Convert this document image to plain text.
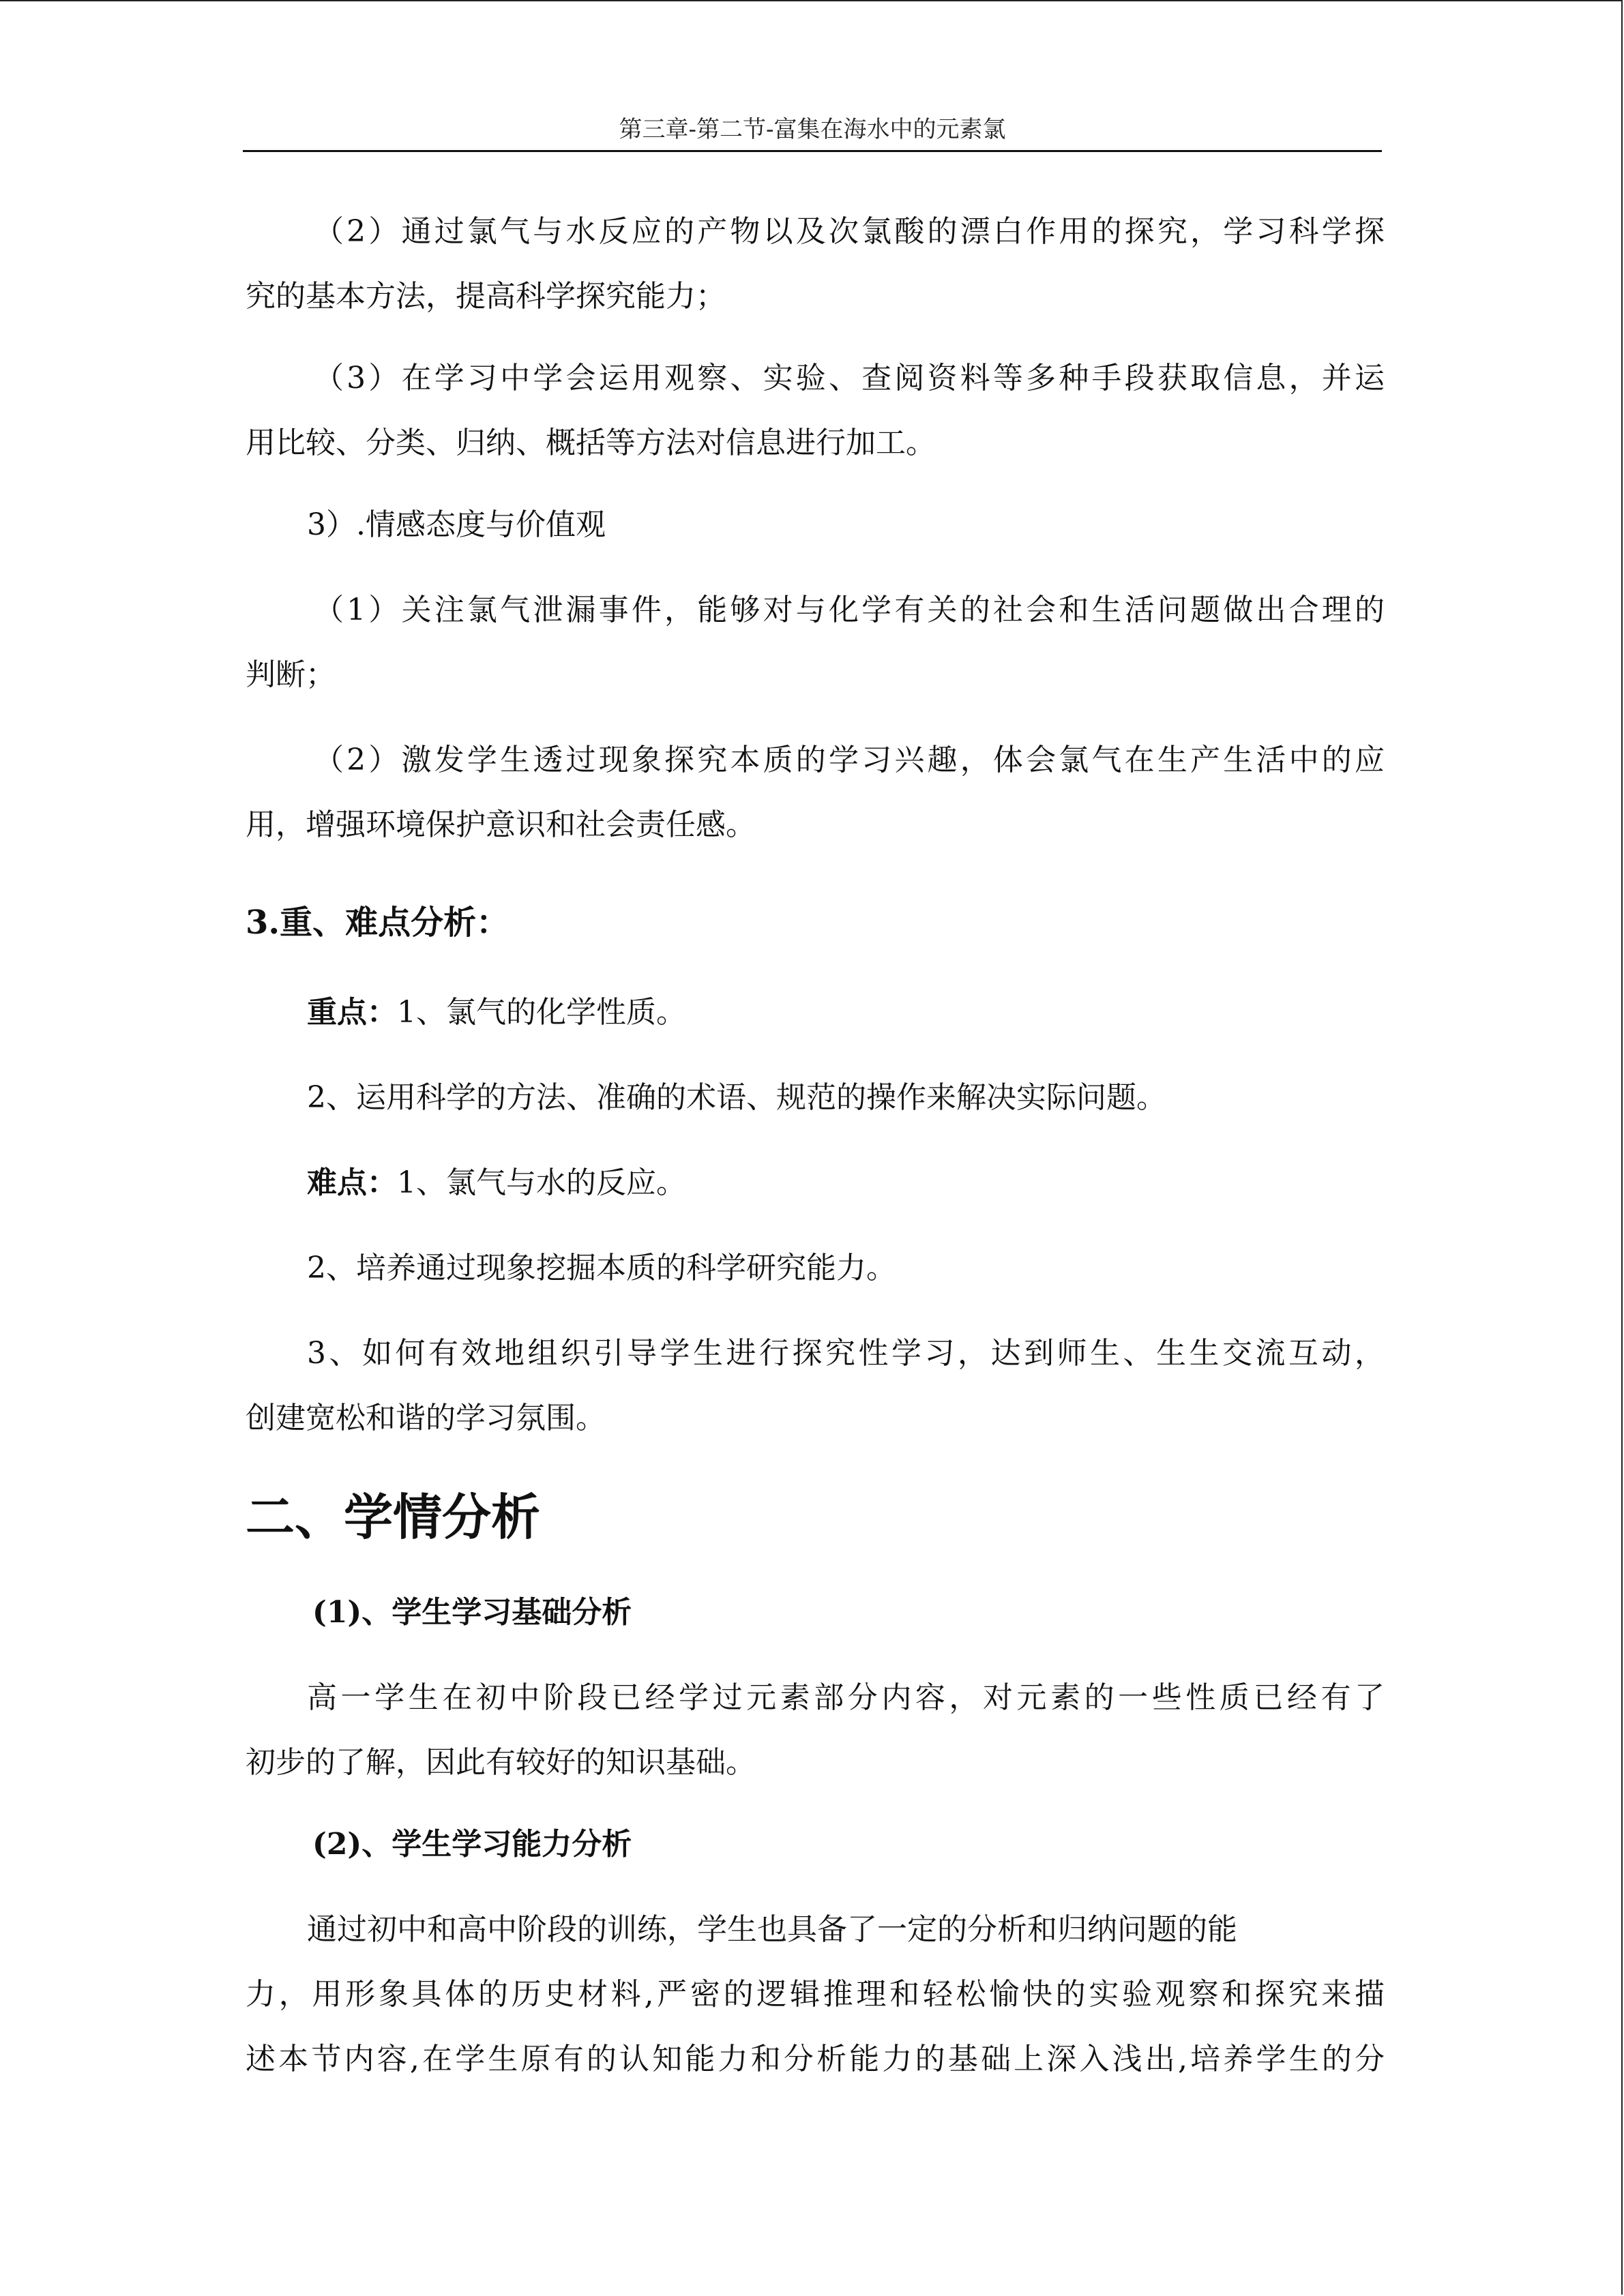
第三章-第二节-富集在海水中的元素氯
（2）通过氯气与水反应的产物以及次氯酸的漂白作用的探究，学习科学探
究的基本方法，提高科学探究能力；
（3）在学习中学会运用观察、实验、查阅资料等多种手段获取信息，并运
用比较、分类、归纳、概括等方法对信息进行加工。
3）.情感态度与价值观
（1）关注氯气泄漏事件，能够对与化学有关的社会和生活问题做出合理的
判断；
（2）激发学生透过现象探究本质的学习兴趣，体会氯气在生产生活中的应
用，增强环境保护意识和社会责任感。
3.重、难点分析：
重点：1、氯气的化学性质。
2、运用科学的方法、准确的术语、规范的操作来解决实际问题。
难点：1、氯气与水的反应。
2、培养通过现象挖掘本质的科学研究能力。
3、如何有效地组织引导学生进行探究性学习，达到师生、生生交流互动，
创建宽松和谐的学习氛围。
二、学情分析
(1)、学生学习基础分析
高一学生在初中阶段已经学过元素部分内容，对元素的一些性质已经有了
初步的了解，因此有较好的知识基础。
(2)、学生学习能力分析
通过初中和高中阶段的训练，学生也具备了一定的分析和归纳问题的能
力，用形象具体的历史材料,严密的逻辑推理和轻松愉快的实验观察和探究来描
述本节内容,在学生原有的认知能力和分析能力的基础上深入浅出,培养学生的分
